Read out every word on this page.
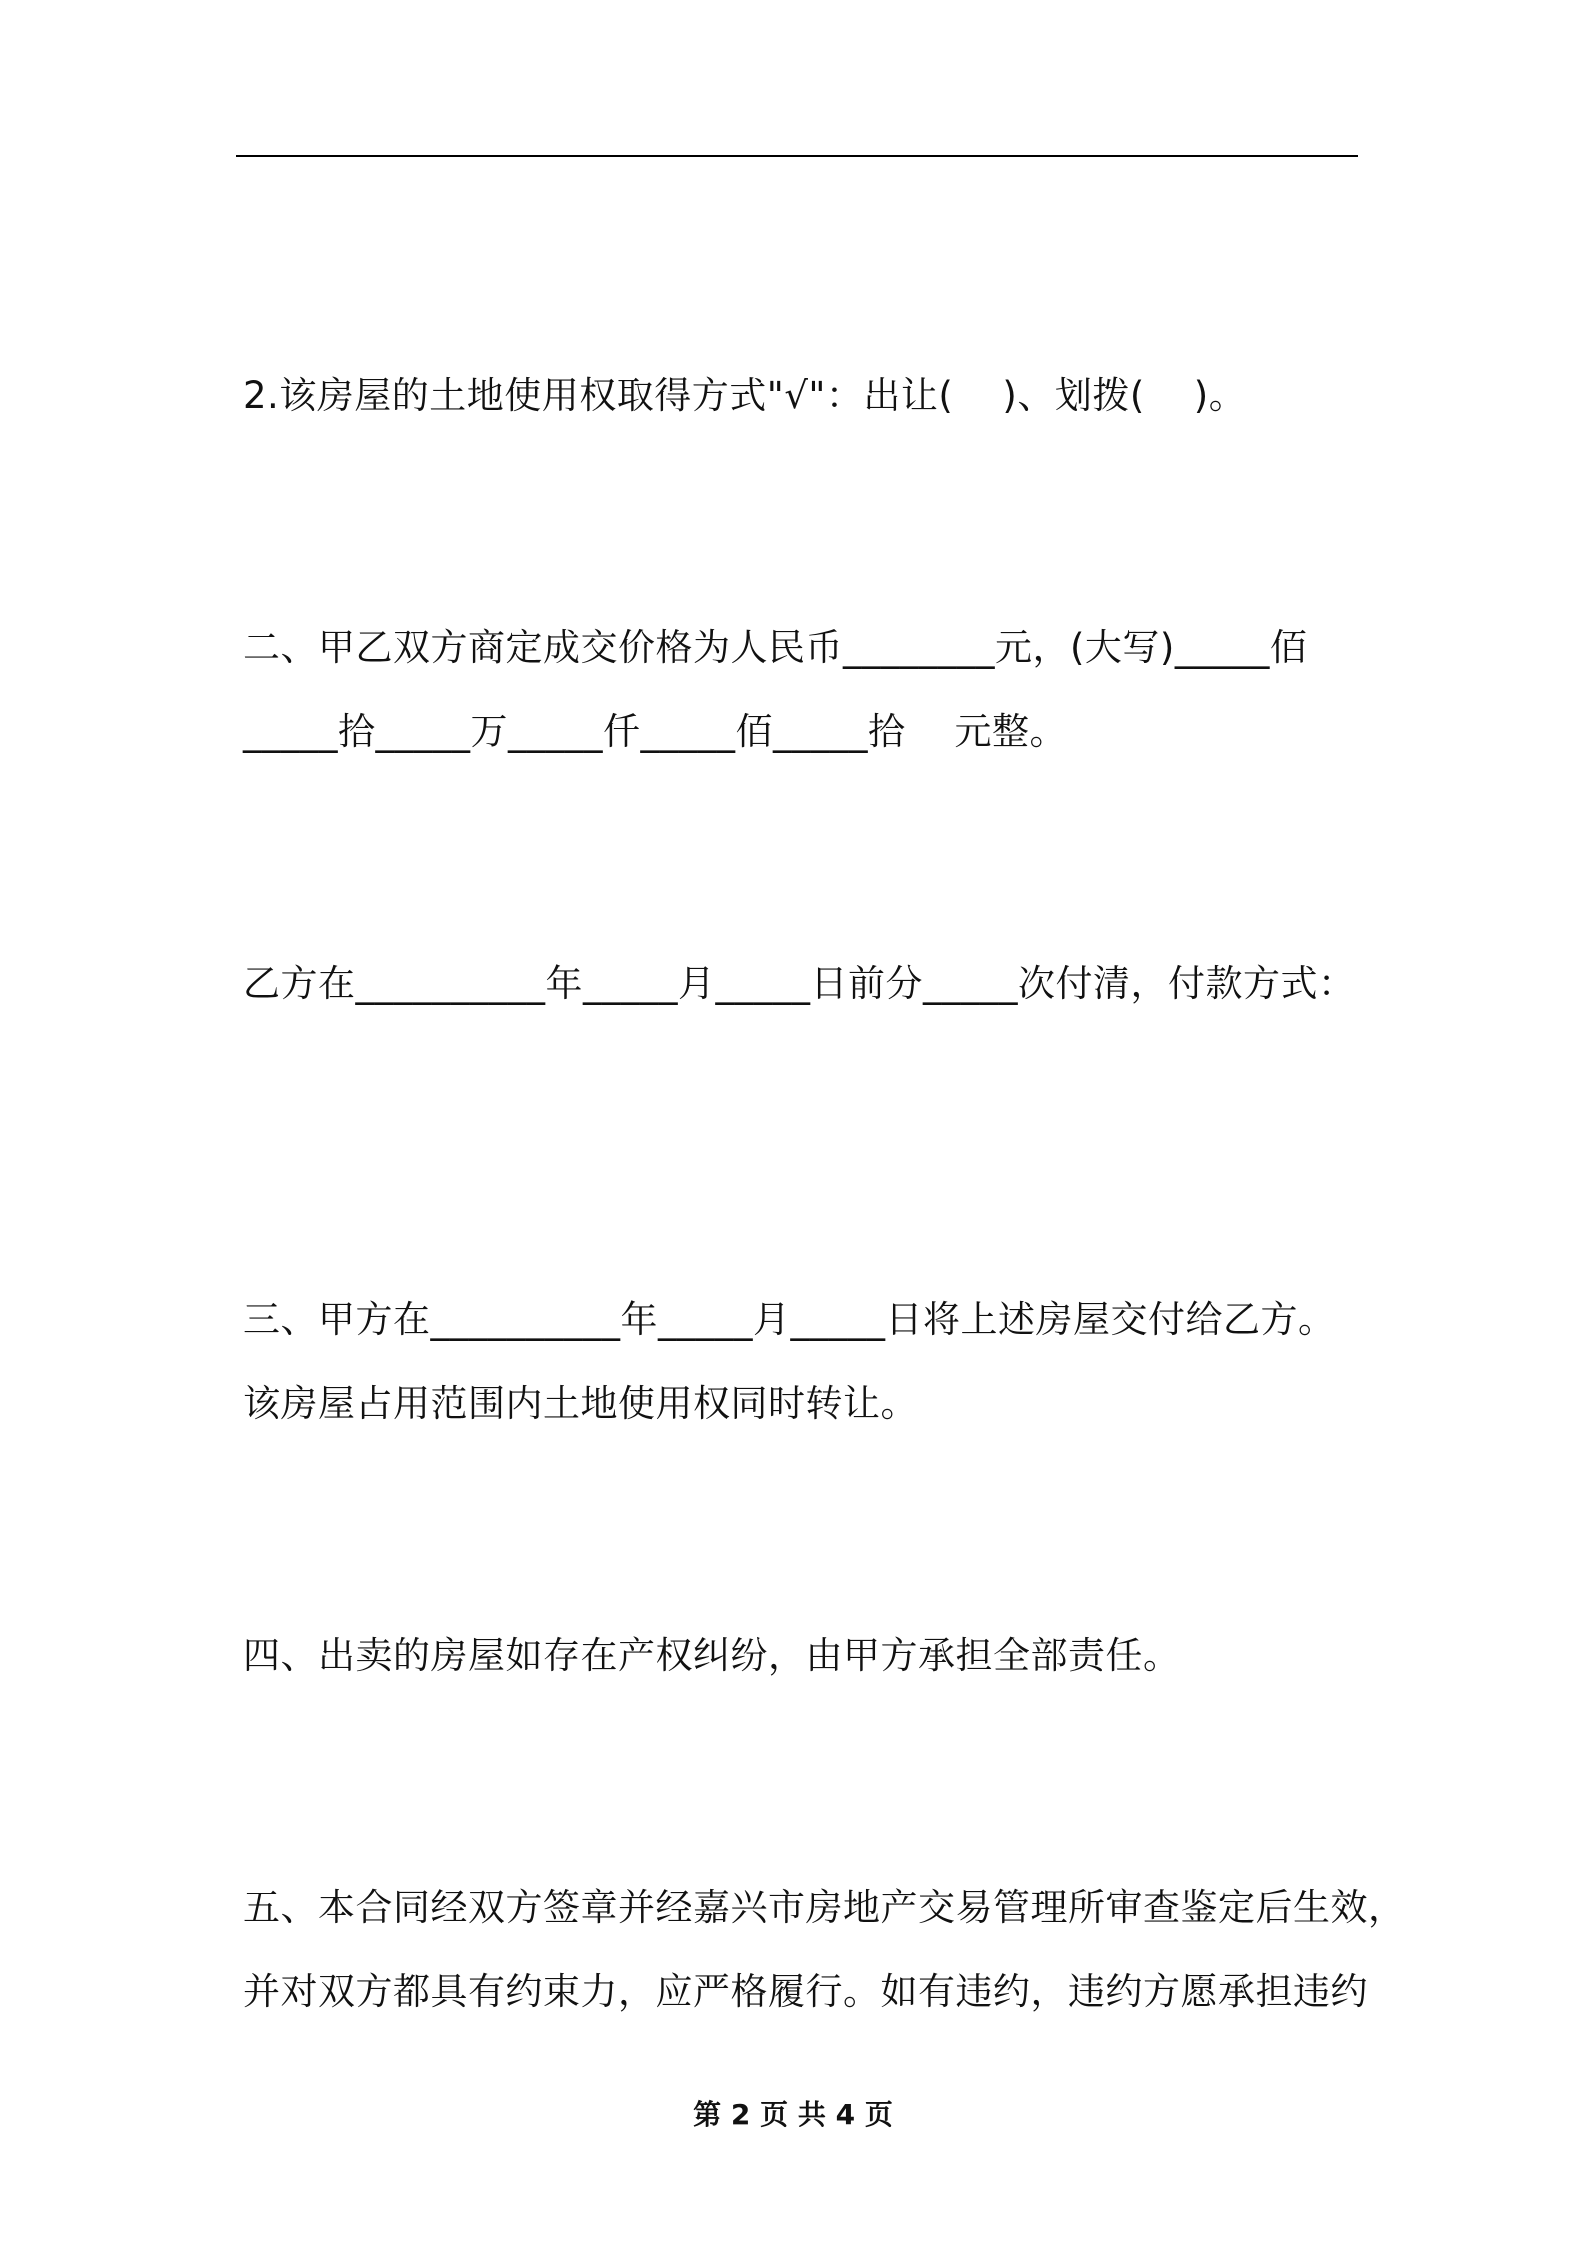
2.该房屋的土地使用权取得方式"√"：出让(    )、划拨(    )。

二、甲乙双方商定成交价格为人民币________元，(大写)_____佰

_____拾_____万_____仟_____佰_____拾    元整。

乙方在__________年_____月_____日前分_____次付清，付款方式：

三、甲方在__________年_____月_____日将上述房屋交付给乙方。

该房屋占用范围内土地使用权同时转让。

四、出卖的房屋如存在产权纠纷，由甲方承担全部责任。

五、本合同经双方签章并经嘉兴市房地产交易管理所审查鉴定后生效，

并对双方都具有约束力，应严格履行。如有违约，违约方愿承担违约

第 2 页 共 4 页
